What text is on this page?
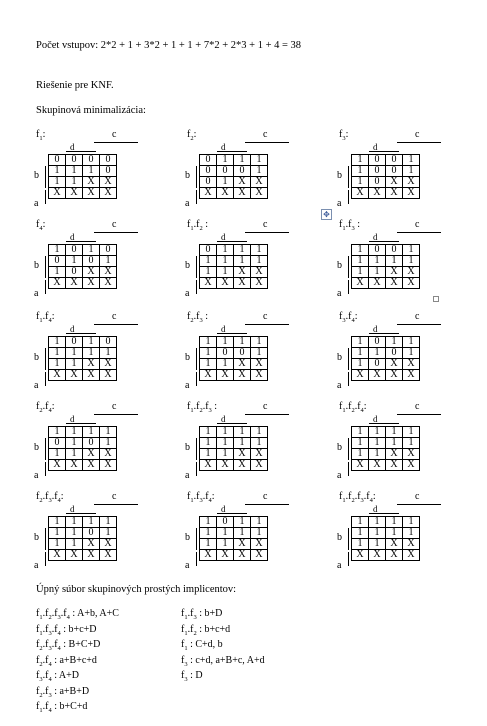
Počet vstupov: 2*2 + 1 + 3*2 + 1 + 1 + 7*2 + 2*3 + 1 + 4 = 38
Riešenie pre KNF.
Skupinová minimalizácia:
$f_1$:	c
d
b
a
0	0	0	0
1	1	1	0
1	1	X	X
X	X	X	X
$f_2$:	c
d
b
a
0	1	1	1
0	0	0	1
0	1	X	X
X	X	X	X
$f_3$:	c
d
b
a
1	0	0	1
1	0	0	1
1	0	X	X
X	X	X	X
$f_4$:	c
d
b
a
1	0	1	0
0	1	0	1
1	0	X	X
X	X	X	X
$f_1.f_2$ :	c
d
b
a
0	1	1	1
1	1	1	1
1	1	X	X
X	X	X	X
$f_1.f_3$ :	c
d
b
a
1	0	0	1
1	1	1	1
1	1	X	X
X	X	X	X
$f_1.f_4$:	c
d
b
a
1	0	1	0
1	1	1	1
1	1	X	X
X	X	X	X
$f_2.f_3$ :	c
d
b
a
1	1	1	1
1	0	0	1
1	1	X	X
X	X	X	X
$f_3.f_4$:	c
d
b
a
1	0	1	1
1	1	0	1
1	0	X	X
X	X	X	X
$f_2.f_4$:	c
d
b
a
1	1	1	1
0	1	0	1
1	1	X	X
X	X	X	X
$f_1.f_2.f_3$ :	c
d
b
a
1	1	1	1
1	1	1	1
1	1	X	X
X	X	X	X
$f_1.f_2.f_4$:	c
d
b
a
1	1	1	1
1	1	1	1
1	1	X	X
X	X	X	X
$f_2.f_3.f_4$:	c
d
b
a
1	1	1	1
1	1	0	1
1	1	X	X
X	X	X	X
$f_1.f_3.f_4$:	c
d
b
a
1	0	1	1
1	1	1	1
1	1	X	X
X	X	X	X
$f_1.f_2.f_3.f_4$:	c
d
b
a
1	1	1	1
1	1	1	1
1	1	X	X
X	X	X	X
✥
Úpný súbor skupinových prostých implicentov:
$f_1.f_2.f_3.f_4$ : A+b, A+C
$f_1.f_3.f_4$ : b+c+D
$f_2.f_3.f_4$ : B+C+D
$f_2.f_4$ : a+B+c+d
$f_3.f_4$ : A+D
$f_2.f_3$ : a+B+D
$f_1.f_4$ : b+C+d
$f_1.f_3$ : b+D
$f_1.f_2$ : b+c+d
$f_1$ : C+d, b
$f_3$ : c+d, a+B+c, A+d
$f_3$ : D
